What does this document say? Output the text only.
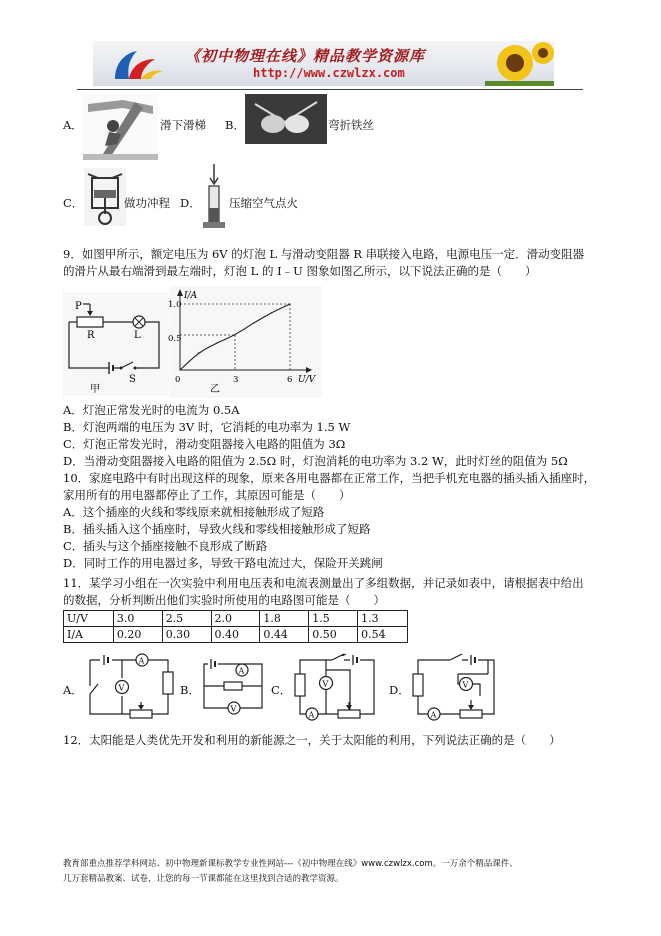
《初中物理在线》精品教学资源库
http://www.czwlzx.com
A．	滑下滑梯 B．	弯折铁丝
C．	做功冲程 D． 压缩空气点火
9．如图甲所示，额定电压为 6V 的灯泡 L 与滑动变阻器 R 串联接入电路，电源电压一定．滑动变阻器
的滑片从最右端滑到最左端时，灯泡 L 的 I﹣U 图象如图乙所示，以下说法正确的是（　　）
P
R	L
S
甲
I/A
U/V
1.0
0.5
0	3	6
乙
A．灯泡正常发光时的电流为 0.5A
B．灯泡两端的电压为 3V 时，它消耗的电功率为 1.5 W
C．灯泡正常发光时，滑动变阻器接入电路的阻值为 3Ω
D．当滑动变阻器接入电路的阻值为 2.5Ω 时，灯泡消耗的电功率为 3.2 W，此时灯丝的阻值为 5Ω
10．家庭电路中有时出现这样的现象，原来各用电器都在正常工作，当把手机充电器的插头插入插座时，
家用所有的用电器都停止了工作，其原因可能是（　　）
A．这个插座的火线和零线原来就相接触形成了短路
B．插头插入这个插座时，导致火线和零线相接触形成了短路
C．插头与这个插座接触不良形成了断路
D．同时工作的用电器过多，导致干路电流过大，保险开关跳闸
11．某学习小组在一次实验中利用电压表和电流表测量出了多组数据，并记录如表中，请根据表中给出
的数据，分析判断出他们实验时所使用的电路图可能是（　　）
U/V	3.0	2.5	2.0	1.8	1.5	1.3
I/A	0.20	0.30	0.40	0.44	0.50	0.54
A．
A
V	B．
A
V
C．	V
A
D．	V
A
12．太阳能是人类优先开发和利用的新能源之一，关于太阳能的利用，下列说法正确的是（　　）
教育部重点推荐学科网站、初中物理新课标教学专业性网站---《初中物理在线》www.czwlzx.com。一万余个精品课件、
几万套精品教案、试卷，让您的每一节课都能在这里找到合适的教学资源。
